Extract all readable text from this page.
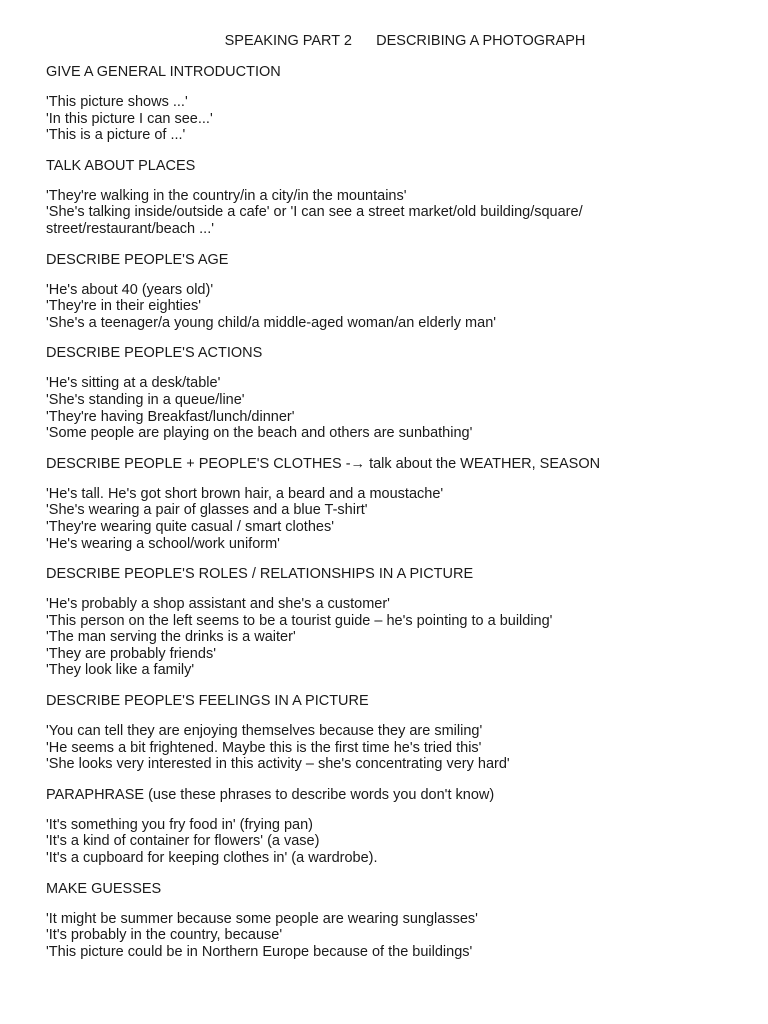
SPEAKING PART 2      DESCRIBING A PHOTOGRAPH
GIVE A GENERAL INTRODUCTION
'This picture shows ...'
'In this picture I can see...'
'This is a picture of ...'
TALK ABOUT PLACES
'They're walking in the country/in a city/in the mountains'
'She's talking inside/outside a cafe' or 'I can see a street market/old building/square/ street/restaurant/beach ...'
DESCRIBE PEOPLE'S AGE
'He's about 40 (years old)'
'They're in their eighties'
'She's a teenager/a young child/a middle-aged woman/an elderly man'
DESCRIBE PEOPLE'S ACTIONS
'He's sitting at a desk/table'
'She's standing in a queue/line'
'They're having Breakfast/lunch/dinner'
'Some people are playing on the beach and others are sunbathing'
DESCRIBE PEOPLE + PEOPLE'S CLOTHES -→ talk about the WEATHER, SEASON
'He's tall. He's got short brown hair, a beard and a moustache'
'She's wearing a pair of glasses and a blue T-shirt'
'They're wearing quite casual / smart clothes'
'He's wearing a school/work uniform'
DESCRIBE PEOPLE'S ROLES / RELATIONSHIPS IN A PICTURE
'He's probably a shop assistant and she's a customer'
'This person on the left seems to be a tourist guide – he's pointing to a building'
'The man serving the drinks is a waiter'
'They are probably friends'
'They look like a family'
DESCRIBE PEOPLE'S FEELINGS IN A PICTURE
'You can tell they are enjoying themselves because they are smiling'
'He seems a bit frightened. Maybe this is the first time he's tried this'
'She looks very interested in this activity – she's concentrating very hard'
PARAPHRASE (use these phrases to describe words you don't know)
'It's something you fry food in' (frying pan)
'It's a kind of container for flowers' (a vase)
'It's a cupboard for keeping clothes in' (a wardrobe).
MAKE GUESSES
'It might be summer because some people are wearing sunglasses'
'It's probably in the country, because'
'This picture could be in Northern Europe because of the buildings'
